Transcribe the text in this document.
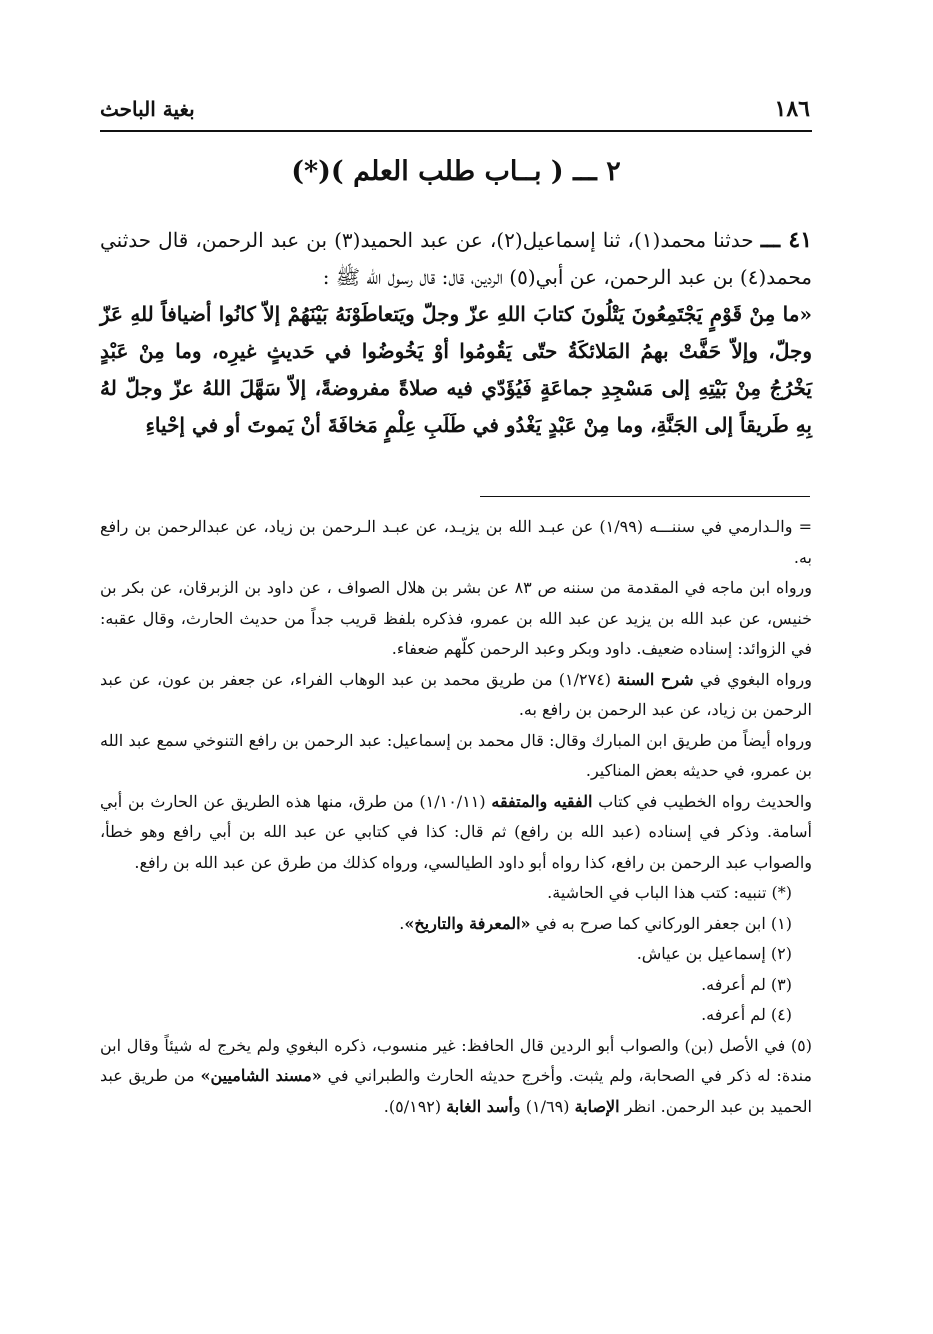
١٨٦
بغية الباحث
٢ ـــ ( بــاب طلب العلم )(*)

٤١ ـــ حدثنا محمد(١)، ثنا إسماعيل(٢)، عن عبد الحميد(٣) بن عبد الرحمن، قال حدثني محمد(٤) بن عبد الرحمن، عن أبي(٥) الردين، قال: قال رسول الله ﷺ :

«ما مِنْ قَوْمٍ يَجْتَمِعُونَ يَتْلُونَ كتابَ اللهِ عزّ وجلّ ويَتعاطَوْنَهُ بَيْنَهُمْ إلاّ كانُوا أضيافاً للهِ عَزّ وجلّ، وإلاّ حَفَّتْ بهمُ المَلائكَةُ حتّى يَقُومُوا أوْ يَخُوضُوا في حَديثٍ غيرِه، وما مِنْ عَبْدٍ يَخْرُجُ مِنْ بَيْتِهِ إلى مَسْجِدِ جماعَةٍ فَيُؤَدّي فيه صلاةً مفروضةً، إلاّ سَهَّلَ اللهُ عزّ وجلّ لهُ بِهِ طَريقاً إلى الجَنَّةِ، وما مِنْ عَبْدٍ يَغْدُو في طَلَبِ عِلْمٍ مَخافَةَ أنْ يَموتَ أو في إحْياءِ

= والـدارمي في سننـــه (١/٩٩) عن عبـد الله بن يزيـد، عن عبـد الـرحمن بن زياد، عن عبدالرحمن بن رافع به.

ورواه ابن ماجه في المقدمة من سننه ص ٨٣ عن بشر بن هلال الصواف ، عن داود بن الزبرقان، عن بكر بن خنيس، عن عبد الله بن يزيد عن عبد الله بن عمرو، فذكره بلفظ قريب جداً من حديث الحارث، وقال عقبه: في الزوائد: إسناده ضعيف. داود وبكر وعبد الرحمن كلّهم ضعفاء.

ورواه البغوي في شرح السنة (١/٢٧٤) من طريق محمد بن عبد الوهاب الفراء، عن جعفر بن عون، عن عبد الرحمن بن زياد، عن عبد الرحمن بن رافع به.

ورواه أيضاً من طريق ابن المبارك وقال: قال محمد بن إسماعيل: عبد الرحمن بن رافع التنوخي سمع عبد الله بن عمرو، في حديثه بعض المناكير.

والحديث رواه الخطيب في كتاب الفقيه والمتفقه (١/١٠/١١) من طرق، منها هذه الطريق عن الحارث بن أبي أسامة. وذكر في إسناده (عبد الله بن رافع) ثم قال: كذا في كتابي عن عبد الله بن أبي رافع وهو خطأ، والصواب عبد الرحمن بن رافع، كذا رواه أبو داود الطيالسي، ورواه كذلك من طرق عن عبد الله بن رافع.

(*) تنبيه: كتب هذا الباب في الحاشية.

(١) ابن جعفر الوركاني كما صرح به في «المعرفة والتاريخ».

(٢) إسماعيل بن عياش.

(٣) لم أعرفه.

(٤) لم أعرفه.

(٥) في الأصل (بن) والصواب أبو الردين قال الحافظ: غير منسوب، ذكره البغوي ولم يخرج له شيئاً وقال ابن مندة: له ذكر في الصحابة، ولم يثبت. وأخرج حديثه الحارث والطبراني في «مسند الشاميين» من طريق عبد الحميد بن عبد الرحمن. انظر الإصابة (١/٦٩) وأسد الغابة (٥/١٩٢).
